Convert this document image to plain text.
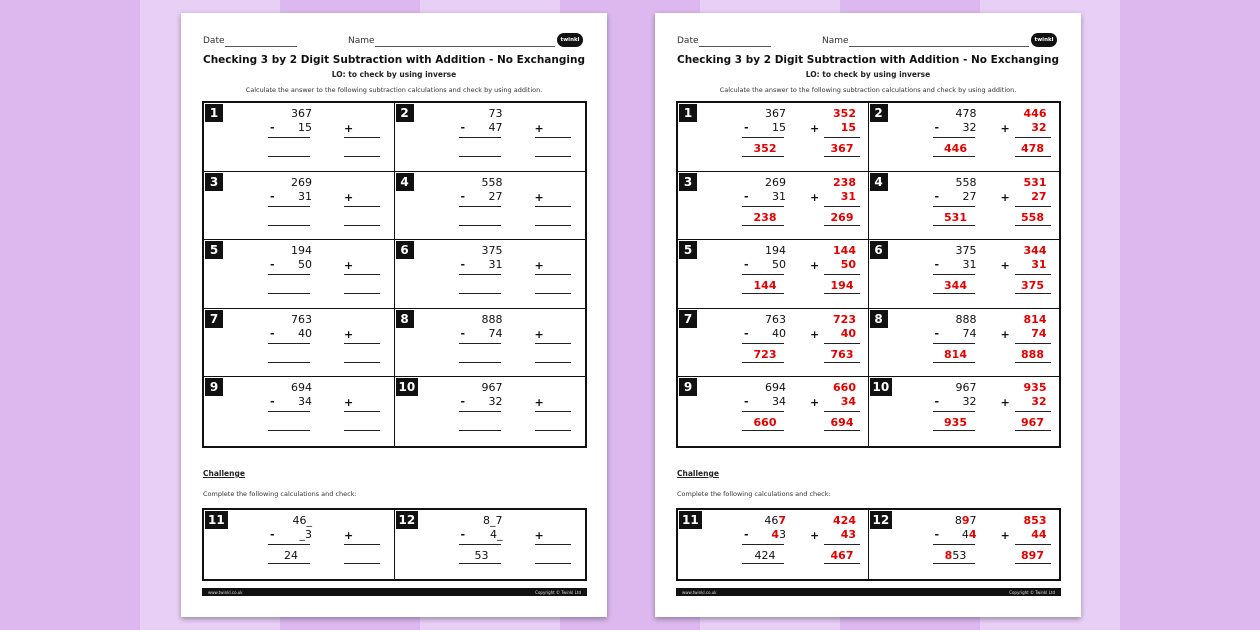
Date	Name	twinkl
Checking 3 by 2 Digit Subtraction with Addition - No Exchanging
LO: to check by using inverse
Calculate the answer to the following subtraction calculations and check by using addition.
1	367
-	15	+
2	73
-	47	+
3	269
-	31	+
4	558
-	27	+
5	194
-	50	+
6	375
-	31	+
7	763
-	40	+
8	888
-	74	+
9	694
-	34	+
10	967
-	32	+
Challenge
Complete the following calculations and check:
11	46_
-	_3
24
+
12	8_7
-	4_
53
+
www.twinkl.co.uk	Copyright © Twinkl Ltd
Date	Name	twinkl
Checking 3 by 2 Digit Subtraction with Addition - No Exchanging
LO: to check by using inverse
Calculate the answer to the following subtraction calculations and check by using addition.
1	367
-	15
352
352
+	15
367
2	478
-	32
446
446
+	32
478
3	269
-	31
238
238
+	31
269
4	558
-	27
531
531
+	27
558
5	194
-	50
144
144
+	50
194
6	375
-	31
344
344
+	31
375
7	763
-	40
723
723
+	40
763
8	888
-	74
814
814
+	74
888
9	694
-	34
660
660
+	34
694
10	967
-	32
935
935
+	32
967
Challenge
Complete the following calculations and check:
11	467
-	43
424
424
+	43
467
12	897
-	44
853
853
+	44
897
www.twinkl.co.uk	Copyright © Twinkl Ltd
